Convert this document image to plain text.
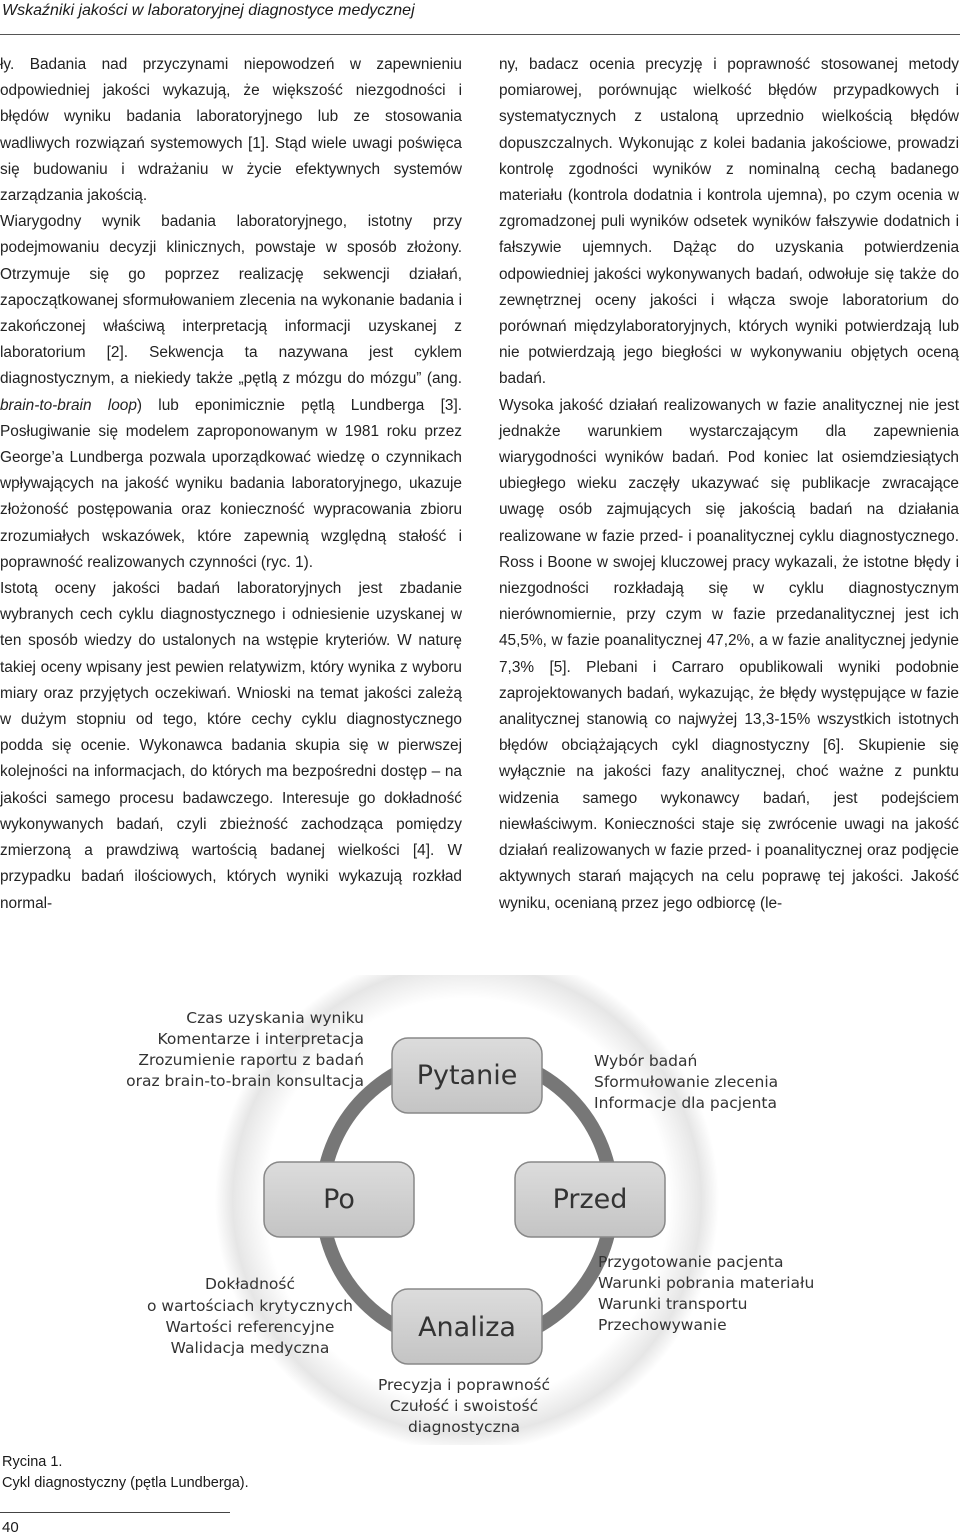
Wskaźniki jakości w laboratoryjnej diagnostyce medycznej

ły. Badania nad przyczynami niepowodzeń w zapewnieniu odpowiedniej jakości wykazują, że większość niezgodności i błędów wyniku badania laboratoryjnego lub ze stosowania wadliwych rozwiązań systemowych [1]. Stąd wiele uwagi poświęca się budowaniu i wdrażaniu w życie efektywnych systemów zarządzania jakością.

Wiarygodny wynik badania laboratoryjnego, istotny przy podejmowaniu decyzji klinicznych, powstaje w sposób złożony. Otrzymuje się go poprzez realizację sekwencji działań, zapoczątkowanej sformułowaniem zlecenia na wykonanie badania i zakończonej właściwą interpretacją informacji uzyskanej z laboratorium [2]. Sekwencja ta nazywana jest cyklem diagnostycznym, a niekiedy także „pętlą z mózgu do mózgu” (ang. brain-to-brain loop) lub eponimicznie pętlą Lundberga [3]. Posługiwanie się modelem zaproponowanym w 1981 roku przez George’a Lundberga pozwala uporządkować wiedzę o czynnikach wpływających na jakość wyniku badania laboratoryjnego, ukazuje złożoność postępowania oraz konieczność wypracowania zbioru zrozumiałych wskazówek, które zapewnią względną stałość i poprawność realizowanych czynności (ryc. 1).

Istotą oceny jakości badań laboratoryjnych jest zbadanie wybranych cech cyklu diagnostycznego i odniesienie uzyskanej w ten sposób wiedzy do ustalonych na wstępie kryteriów. W naturę takiej oceny wpisany jest pewien relatywizm, który wynika z wyboru miary oraz przyjętych oczekiwań. Wnioski na temat jakości zależą w dużym stopniu od tego, które cechy cyklu diagnostycznego podda się ocenie. Wykonawca badania skupia się w pierwszej kolejności na informacjach, do których ma bezpośredni dostęp – na jakości samego procesu badawczego. Interesuje go dokładność wykonywanych badań, czyli zbieżność zachodząca pomiędzy zmierzoną a prawdziwą wartością badanej wielkości [4]. W przypadku badań ilościowych, których wyniki wykazują rozkład normal-

ny, badacz ocenia precyzję i poprawność stosowanej metody pomiarowej, porównując wielkość błędów przypadkowych i systematycznych z ustaloną uprzednio wielkością błędów dopuszczalnych. Wykonując z kolei badania jakościowe, prowadzi kontrolę zgodności wyników z nominalną cechą badanego materiału (kontrola dodatnia i kontrola ujemna), po czym ocenia w zgromadzonej puli wyników odsetek wyników fałszywie dodatnich i fałszywie ujemnych. Dążąc do uzyskania potwierdzenia odpowiedniej jakości wykonywanych badań, odwołuje się także do zewnętrznej oceny jakości i włącza swoje laboratorium do porównań międzylaboratoryjnych, których wyniki potwierdzają lub nie potwierdzają jego biegłości w wykonywaniu objętych oceną badań.

Wysoka jakość działań realizowanych w fazie analitycznej nie jest jednakże warunkiem wystarczającym dla zapewnienia wiarygodności wyników badań. Pod koniec lat osiemdziesiątych ubiegłego wieku zaczęły ukazywać się publikacje zwracające uwagę osób zajmujących się jakością badań na działania realizowane w fazie przed- i poanalitycznej cyklu diagnostycznego. Ross i Boone w swojej kluczowej pracy wykazali, że istotne błędy i niezgodności rozkładają się w cyklu diagnostycznym nierównomiernie, przy czym w fazie przedanalitycznej jest ich 45,5%, w fazie poanalitycznej 47,2%, a w fazie analitycznej jedynie 7,3% [5]. Plebani i Carraro opublikowali wyniki podobnie zaprojektowanych badań, wykazując, że błędy występujące w fazie analitycznej stanowią co najwyżej 13,3-15% wszystkich istotnych błędów obciążających cykl diagnostyczny [6]. Skupienie się wyłącznie na jakości fazy analitycznej, choć ważne z punktu widzenia samego wykonawcy badań, jest podejściem niewłaściwym. Konieczności staje się zwrócenie uwagi na jakość działań realizowanych w fazie przed- i poanalitycznej oraz podjęcie aktywnych starań mających na celu poprawę tej jakości. Jakość wyniku, ocenianą przez jego odbiorcę (le-

Pytanie
Po	Przed
Analiza
Czas uzyskania wyniku
Komentarze i interpretacja
Zrozumienie raportu z badań
oraz brain-to-brain konsultacja
Wybór badań
Sformułowanie zlecenia
Informacje dla pacjenta
Dokładność
o wartościach krytycznych
Wartości referencyjne
Walidacja medyczna
Przygotowanie pacjenta
Warunki pobrania materiału
Warunki transportu
Przechowywanie
Precyzja i poprawność
Czułość i swoistość
diagnostyczna
Rycina 1.
Cykl diagnostyczny (pętla Lundberga).
40
